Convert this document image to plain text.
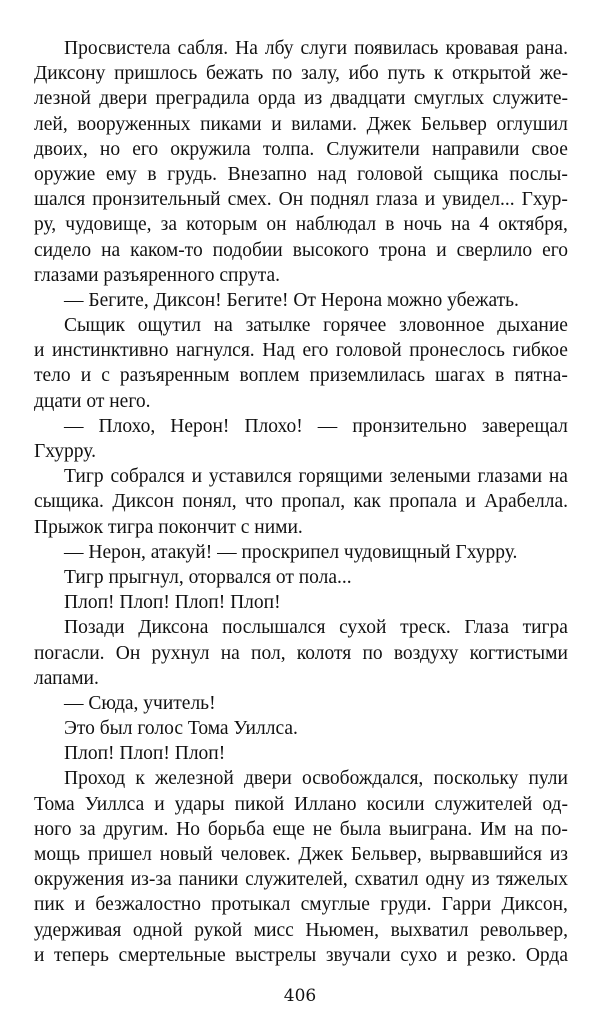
Просвистела сабля. На лбу слуги появилась кровавая рана.
Диксону пришлось бежать по залу, ибо путь к открытой же-
лезной двери преградила орда из двадцати смуглых служите-
лей, вооруженных пиками и вилами. Джек Бельвер оглушил
двоих, но его окружила толпа. Служители направили свое
оружие ему в грудь. Внезапно над головой сыщика послы-
шался пронзительный смех. Он поднял глаза и увидел... Гхур-
ру, чудовище, за которым он наблюдал в ночь на 4 октября,
сидело на каком-то подобии высокого трона и сверлило его
глазами разъяренного спрута.
— Бегите, Диксон! Бегите! От Нерона можно убежать.
Сыщик ощутил на затылке горячее зловонное дыхание
и инстинктивно нагнулся. Над его головой пронеслось гибкое
тело и с разъяренным воплем приземлилась шагах в пятна-
дцати от него.
— Плохо, Нерон! Плохо! — пронзительно заверещал
Гхурру.
Тигр собрался и уставился горящими зелеными глазами на
сыщика. Диксон понял, что пропал, как пропала и Арабелла.
Прыжок тигра покончит с ними.
— Нерон, атакуй! — проскрипел чудовищный Гхурру.
Тигр прыгнул, оторвался от пола...
Плоп! Плоп! Плоп! Плоп!
Позади Диксона послышался сухой треск. Глаза тигра
погасли. Он рухнул на пол, колотя по воздуху когтистыми
лапами.
— Сюда, учитель!
Это был голос Тома Уиллса.
Плоп! Плоп! Плоп!
Проход к железной двери освобождался, поскольку пули
Тома Уиллса и удары пикой Иллано косили служителей од-
ного за другим. Но борьба еще не была выиграна. Им на по-
мощь пришел новый человек. Джек Бельвер, вырвавшийся из
окружения из-за паники служителей, схватил одну из тяжелых
пик и безжалостно протыкал смуглые груди. Гарри Диксон,
удерживая одной рукой мисс Ньюмен, выхватил револьвер,
и теперь смертельные выстрелы звучали сухо и резко. Орда
406
